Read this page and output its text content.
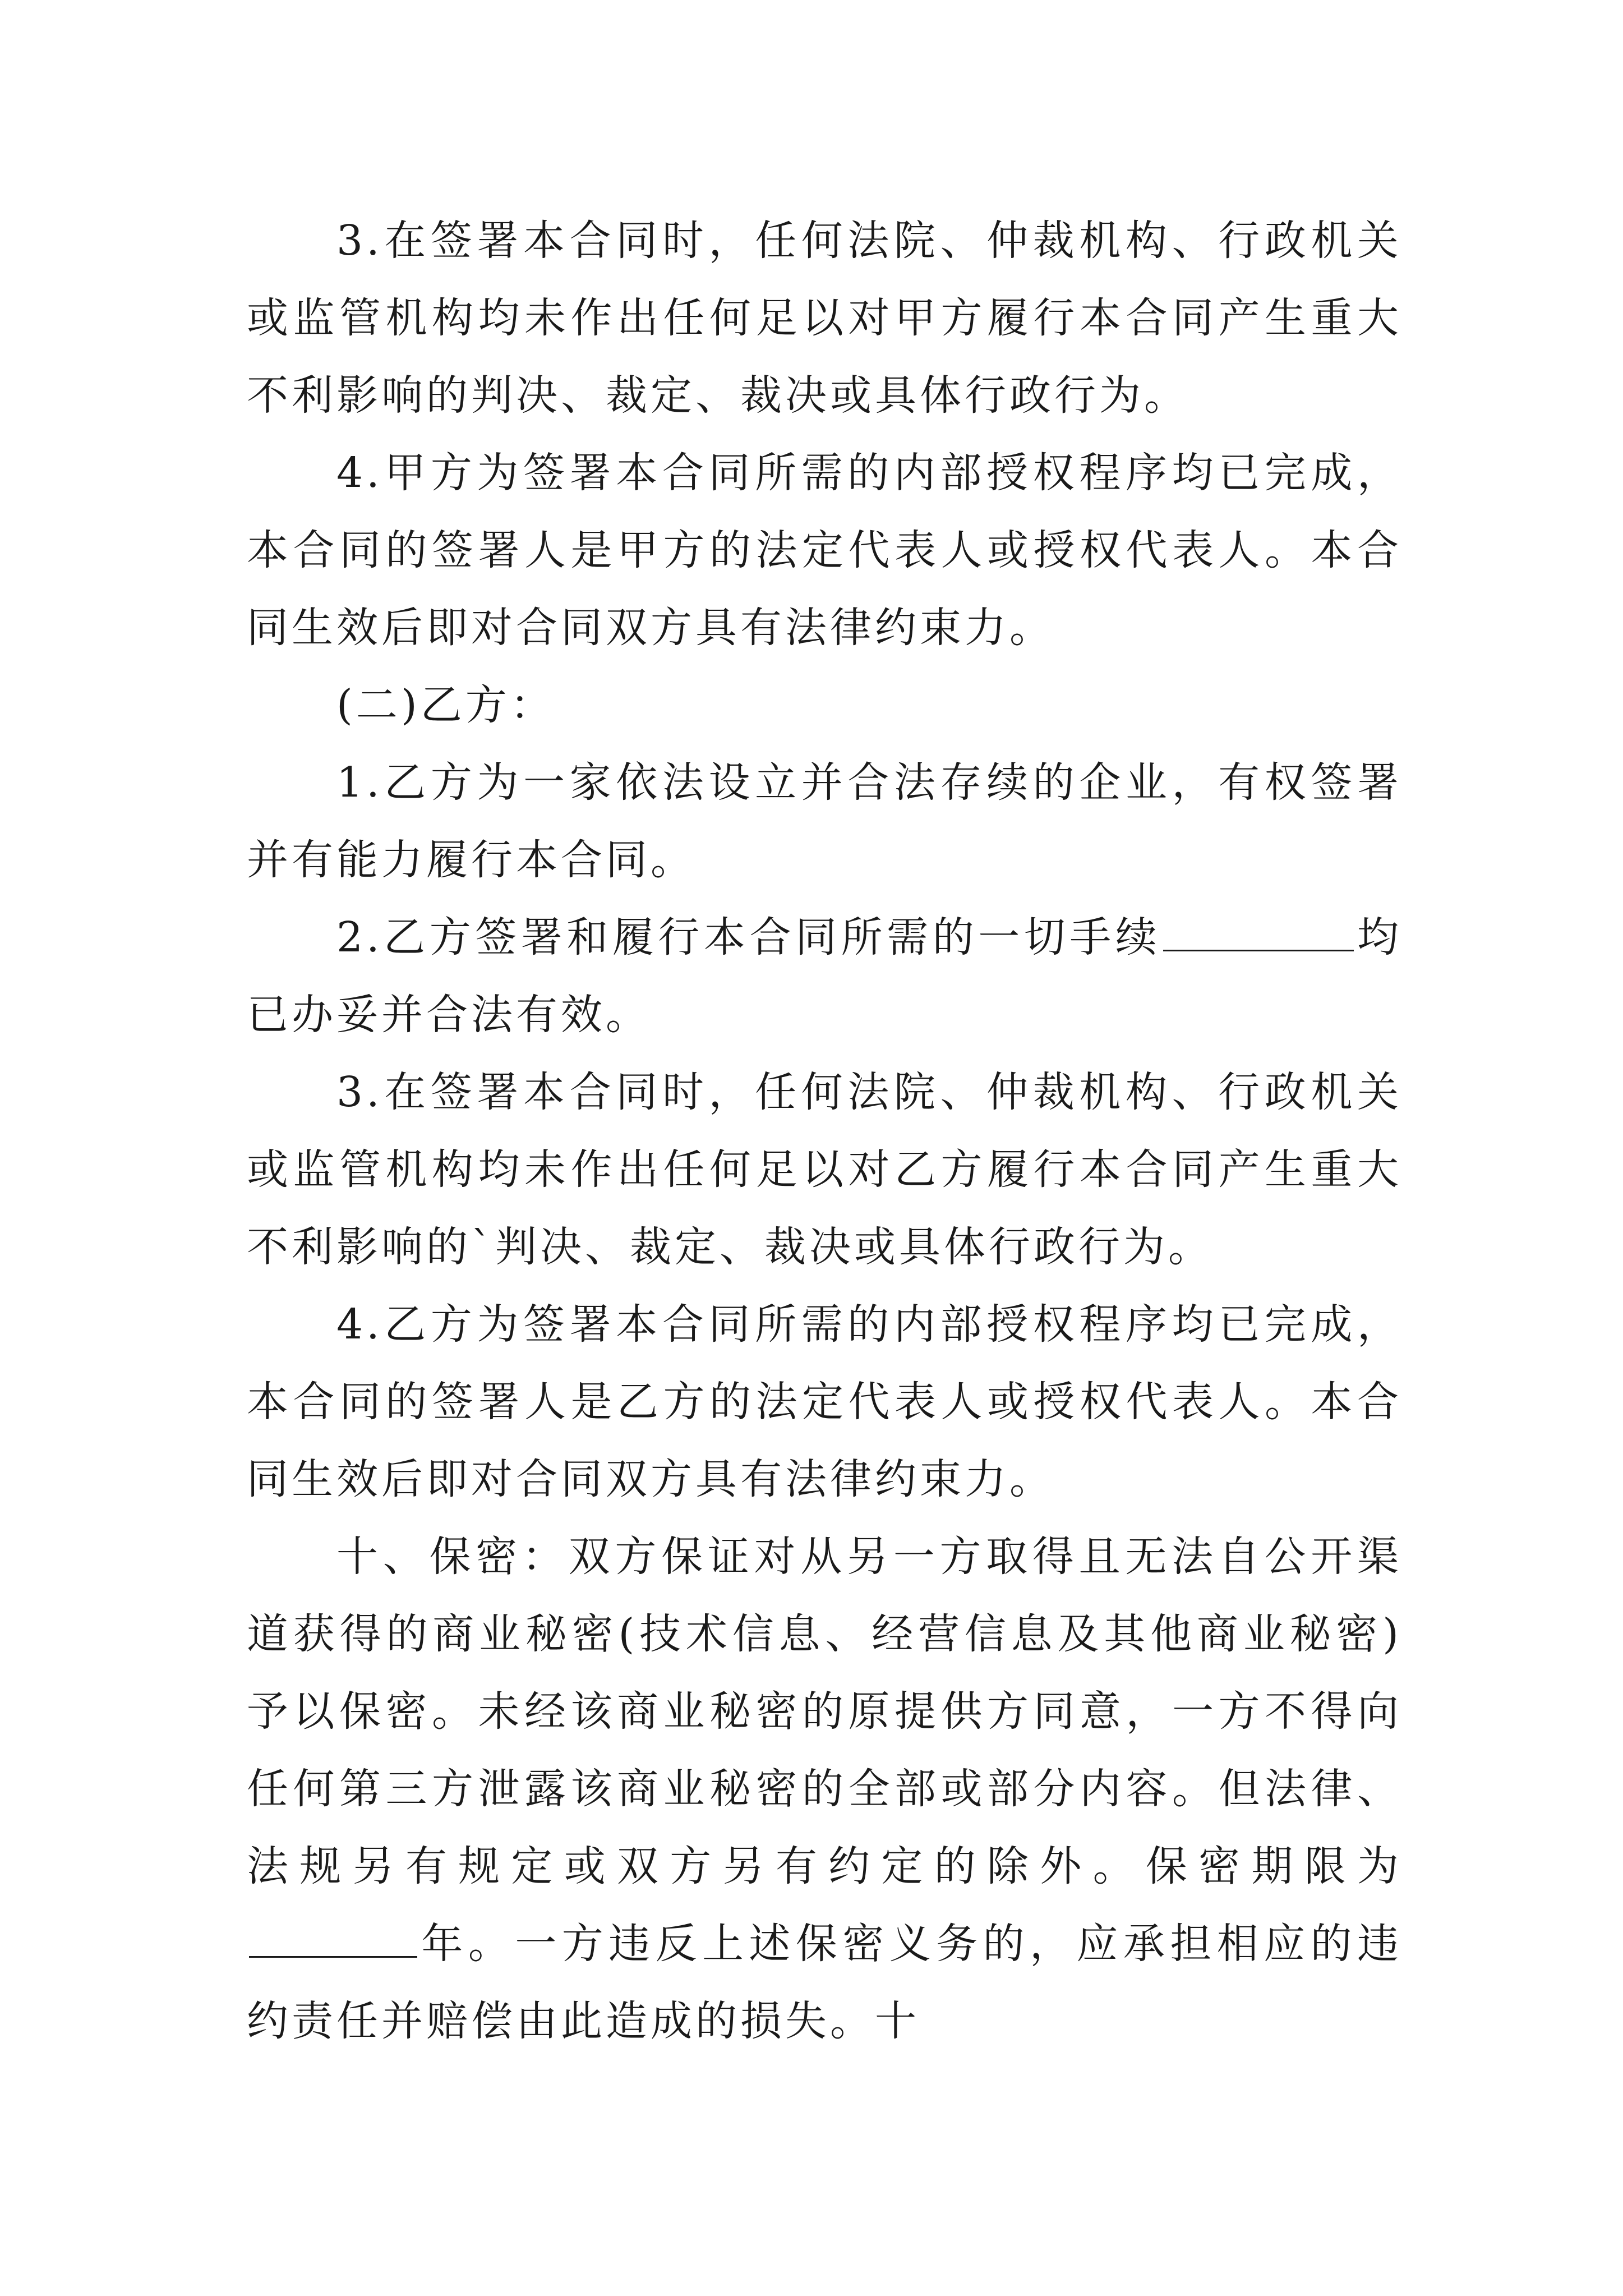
3.在签署本合同时，任何法院、仲裁机构、行政机关或监管机构均未作出任何足以对甲方履行本合同产生重大不利影响的判决、裁定、裁决或具体行政行为。

4.甲方为签署本合同所需的内部授权程序均已完成，本合同的签署人是甲方的法定代表人或授权代表人。本合同生效后即对合同双方具有法律约束力。

(二)乙方：

1.乙方为一家依法设立并合法存续的企业，有权签署并有能力履行本合同。

2.乙方签署和履行本合同所需的一切手续	均已办妥并合法有效。

3.在签署本合同时，任何法院、仲裁机构、行政机关或监管机构均未作出任何足以对乙方履行本合同产生重大不利影响的`判决、裁定、裁决或具体行政行为。

4.乙方为签署本合同所需的内部授权程序均已完成，本合同的签署人是乙方的法定代表人或授权代表人。本合同生效后即对合同双方具有法律约束力。

十、保密：双方保证对从另一方取得且无法自公开渠道获得的商业秘密(技术信息、经营信息及其他商业秘密)予以保密。未经该商业秘密的原提供方同意，一方不得向任何第三方泄露该商业秘密的全部或部分内容。但法律、法规另有规定或双方另有约定的除外。保密期限为年。一方违反上述保密义务的，应承担相应的违约责任并赔偿由此造成的损失。十
